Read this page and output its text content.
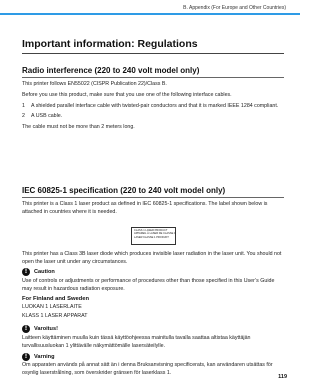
B. Appendix (For Europe and Other Countries)
Important information: Regulations
Radio interference (220 to 240 volt model only)

This printer follows EN55022 (CISPR Publication 22)/Class B.

Before you use this product, make sure that you use one of the following interface cables.

1 A shielded parallel interface cable with twisted-pair conductors and that it is marked IEEE 1284 compliant.
2 A USB cable.

The cable must not be more than 2 meters long.

IEC 60825-1 specification (220 to 240 volt model only)

This printer is a Class 1 laser product as defined in IEC 60825-1 specifications. The label shown below is attached in countries where it is needed.

CLASS 1 LASER PRODUCT
APPAREIL À LASER DE CLASSE 1
LASER KLASSE 1 PRODUKT

This printer has a Class 3B laser diode which produces invisible laser radiation in the laser unit. You should not open the laser unit under any circumstances.

!	Caution

Use of controls or adjustments or performance of procedures other than those specified in this User’s Guide may result in hazardous radiation exposure.

For Finland and Sweden

LUOKAN 1 LASERLAITE

KLASS 1 LASER APPARAT

!	Varoitus!

Laitteen käyttäminen muulla kuin tässä käyttöohjeessa mainitulla tavalla saattaa altistaa käyttäjän turvallisuusluokan 1 ylittävälle näkymättömälle lasersäteilylle.

!	Varning

Om apparaten används på annat sätt än i denna Bruksanvisning specificerats, kan användaren utsättas för osynlig laserstrålning, som överskrider gränsen för laserklass 1.

119
